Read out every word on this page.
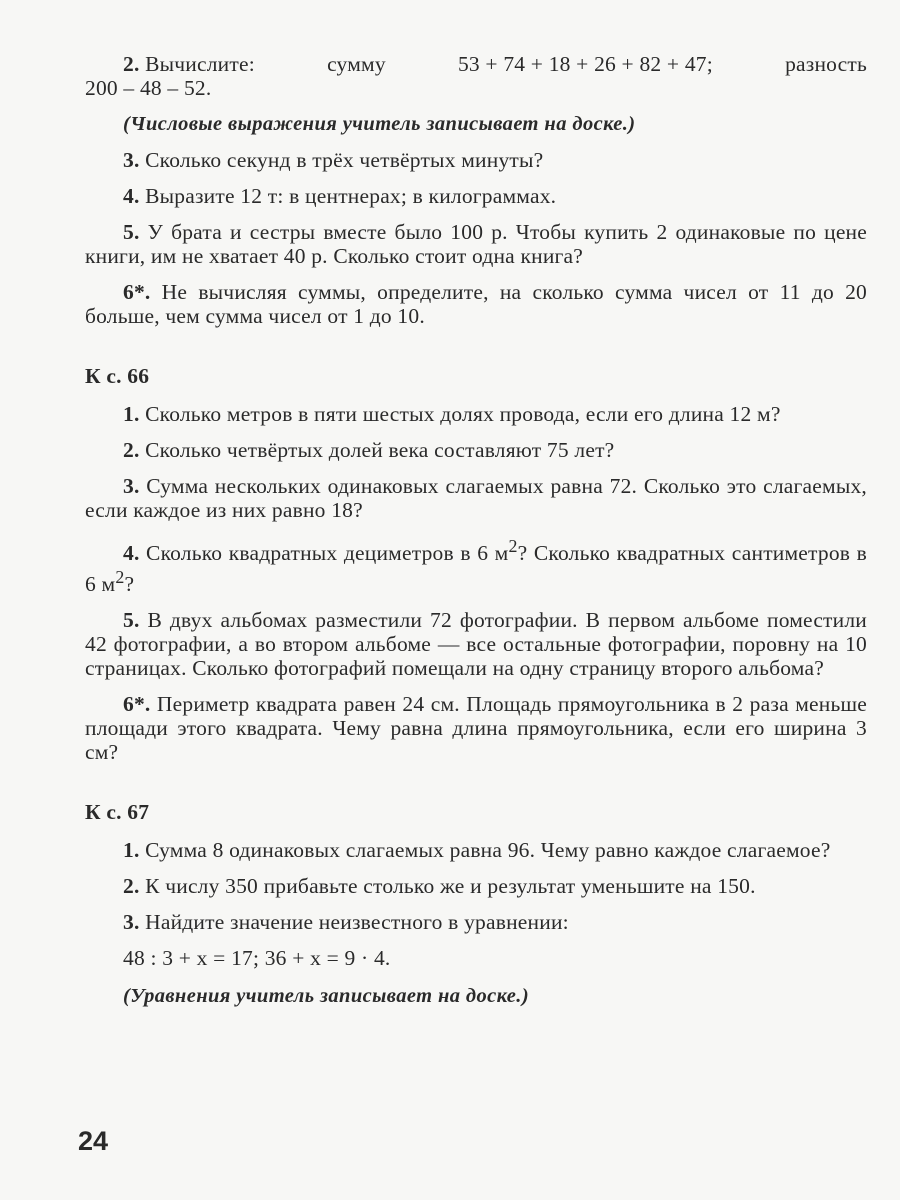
2. Вычислите:	сумму	53 + 74 + 18 + 26 + 82 + 47;	разность

200 – 48 – 52.

(Числовые выражения учитель записывает на доске.)

3. Сколько секунд в трёх четвёртых минуты?

4. Выразите 12 т: в центнерах; в килограммах.

5. У брата и сестры вместе было 100 р. Чтобы купить 2 одинаковые по цене книги, им не хватает 40 р. Сколько стоит одна книга?

6*. Не вычисляя суммы, определите, на сколько сумма чисел от 11 до 20 больше, чем сумма чисел от 1 до 10.

К с. 66

1. Сколько метров в пяти шестых долях провода, если его длина 12 м?

2. Сколько четвёртых долей века составляют 75 лет?

3. Сумма нескольких одинаковых слагаемых равна 72. Сколько это слагаемых, если каждое из них равно 18?

4. Сколько квадратных дециметров в 6 $м^2$? Сколько квадратных сантиметров в 6 $м^2$?

5. В двух альбомах разместили 72 фотографии. В первом альбоме поместили 42 фотографии, а во втором альбоме — все остальные фотографии, поровну на 10 страницах. Сколько фотографий помещали на одну страницу второго альбома?

6*. Периметр квадрата равен 24 см. Площадь прямоугольника в 2 раза меньше площади этого квадрата. Чему равна длина прямоугольника, если его ширина 3 см?

К с. 67

1. Сумма 8 одинаковых слагаемых равна 96. Чему равно каждое слагаемое?

2. К числу 350 прибавьте столько же и результат уменьшите на 150.

3. Найдите значение неизвестного в уравнении:

48 : 3 + x = 17; 36 + x = 9 · 4.

(Уравнения учитель записывает на доске.)

24
